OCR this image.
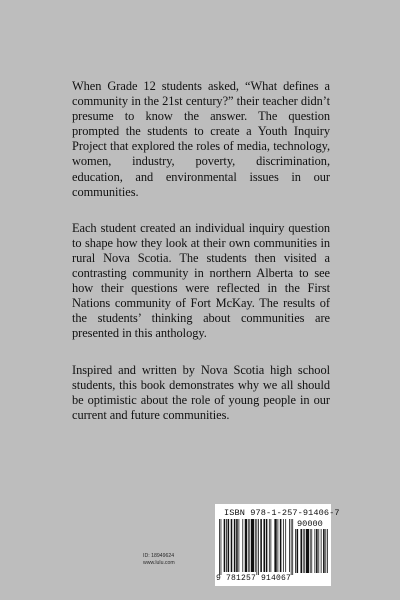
When Grade 12 students asked, “What defines a community in the 21st century?” their teacher didn’t presume to know the answer. The question prompted the students to create a Youth Inquiry Project that explored the roles of media, technology, women, industry, poverty, discrimination, education, and environmental issues in our communities.

Each student created an individual inquiry question to shape how they look at their own communities in rural Nova Scotia. The students then visited a contrasting community in northern Alberta to see how their questions were reflected in the First Nations community of Fort McKay. The results of the students’ thinking about communities are presented in this anthology.

Inspired and written by Nova Scotia high school students, this book demonstrates why we all should be optimistic about the role of young people in our current and future communities.

ID: 18949624
www.lulu.com
ISBN 978-1-257-91406-7
90000
9 781257 914067
